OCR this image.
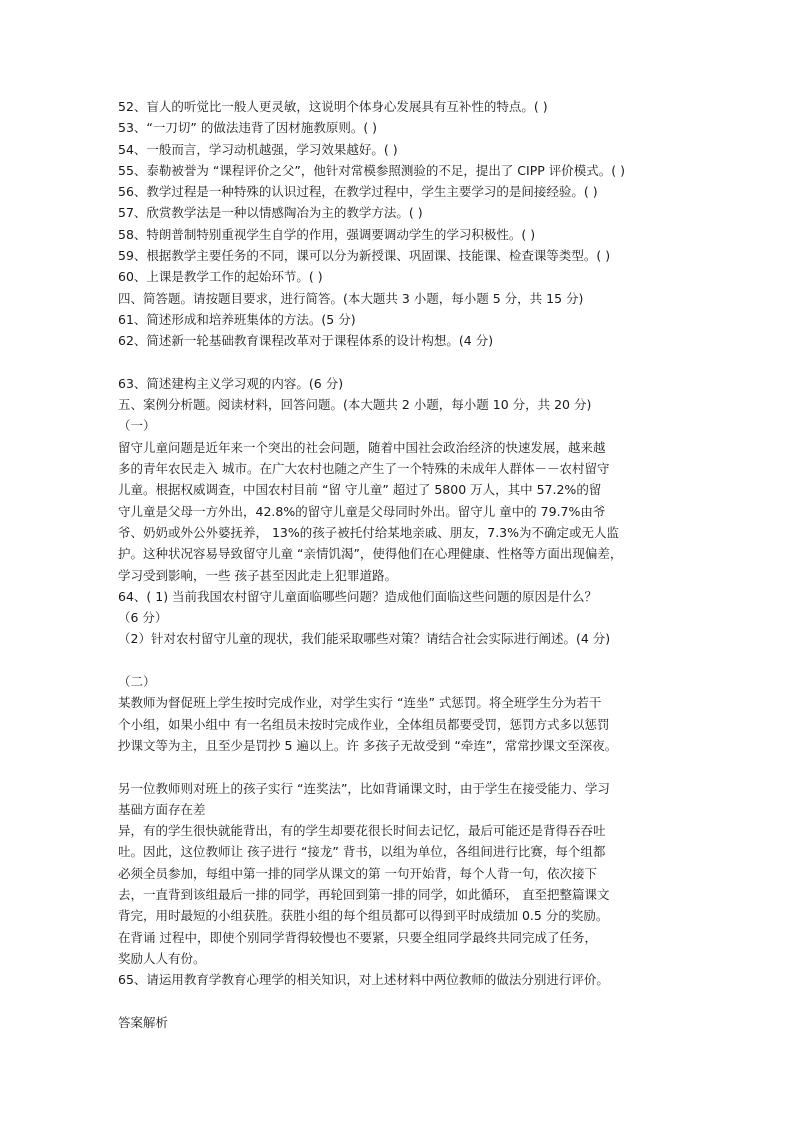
52、盲人的听觉比一般人更灵敏，这说明个体身心发展具有互补性的特点。( )
53、“一刀切” 的做法违背了因材施教原则。( )
54、一般而言，学习动机越强，学习效果越好。( )
55、泰勒被誉为 “课程评价之父”，他针对常模参照测验的不足，提出了 CIPP 评价模式。( )
56、教学过程是一种特殊的认识过程，在教学过程中，学生主要学习的是间接经验。( )
57、欣赏教学法是一种以情感陶冶为主的教学方法。( )
58、特朗普制特别重视学生自学的作用，强调要调动学生的学习积极性。( )
59、根据教学主要任务的不同，课可以分为新授课、巩固课、技能课、检查课等类型。( )
60、上课是教学工作的起始环节。( )
四、简答题。请按题目要求，进行简答。(本大题共 3 小题，每小题 5 分，共 15 分)
61、简述形成和培养班集体的方法。(5 分)
62、简述新一轮基础教育课程改革对于课程体系的设计构想。(4 分)
63、简述建构主义学习观的内容。(6 分)
五、案例分析题。阅读材料，回答问题。(本大题共 2 小题，每小题 10 分，共 20 分)
（一）
留守儿童问题是近年来一个突出的社会问题，随着中国社会政治经济的快速发展，越来越
多的青年农民走入 城市。在广大农村也随之产生了一个特殊的未成年人群体－－农村留守
儿童。根据权威调查，中国农村目前 “留 守儿童” 超过了 5800 万人，其中 57.2%的留
守儿童是父母一方外出，42.8%的留守儿童是父母同时外出。留守儿 童中的 79.7%由爷
爷、奶奶或外公外婆抚养， 13%的孩子被托付给某地亲戚、朋友，7.3%为不确定或无人监
护。这种状况容易导致留守儿童 “亲情饥渴”，使得他们在心理健康、性格等方面出现偏差，
学习受到影响，一些 孩子甚至因此走上犯罪道路。
64、( 1) 当前我国农村留守儿童面临哪些问题？造成他们面临这些问题的原因是什么？
（6 分）
（2）针对农村留守儿童的现状，我们能采取哪些对策？请结合社会实际进行阐述。(4 分)
（二）
某教师为督促班上学生按时完成作业，对学生实行 “连坐” 式惩罚。将全班学生分为若干
个小组，如果小组中 有一名组员未按时完成作业，全体组员都要受罚，惩罚方式多以惩罚
抄课文等为主，且至少是罚抄 5 遍以上。许 多孩子无故受到 “牵连”，常常抄课文至深夜。
另一位教师则对班上的孩子实行 “连奖法”，比如背诵课文时，由于学生在接受能力、学习
基础方面存在差
异，有的学生很快就能背出，有的学生却要花很长时间去记忆，最后可能还是背得吞吞吐
吐。因此，这位教师让 孩子进行 “接龙” 背书，以组为单位，各组间进行比赛，每个组都
必须全员参加，每组中第一排的同学从课文的第 一句开始背，每个人背一句，依次接下
去，一直背到该组最后一排的同学，再轮回到第一排的同学，如此循环， 直至把整篇课文
背完，用时最短的小组获胜。获胜小组的每个组员都可以得到平时成绩加 0.5 分的奖励。
在背诵 过程中，即使个别同学背得较慢也不要紧，只要全组同学最终共同完成了任务，
奖励人人有份。
65、请运用教育学教育心理学的相关知识，对上述材料中两位教师的做法分别进行评价。
答案解析
